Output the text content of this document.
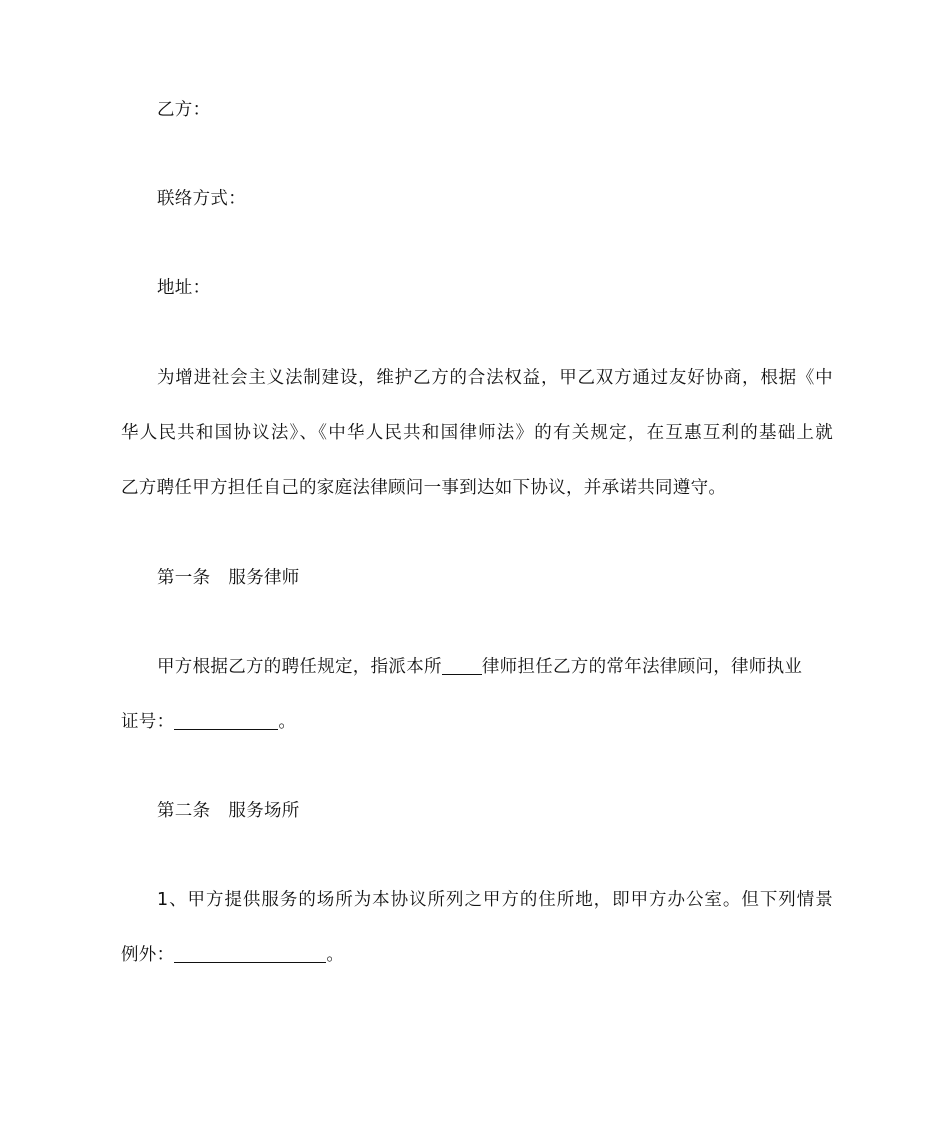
乙方：
联络方式：
地址：
为增进社会主义法制建设，维护乙方的合法权益，甲乙双方通过友好协商，根据《中
华人民共和国协议法》、《中华人民共和国律师法》的有关规定，在互惠互利的基础上就
乙方聘任甲方担任自己的家庭法律顾问一事到达如下协议，并承诺共同遵守。
第一条 服务律师
甲方根据乙方的聘任规定，指派本所 律师担任乙方的常年法律顾问，律师执业
证号：	。
第二条 服务场所
1、甲方提供服务的场所为本协议所列之甲方的住所地，即甲方办公室。但下列情景
例外：	。
